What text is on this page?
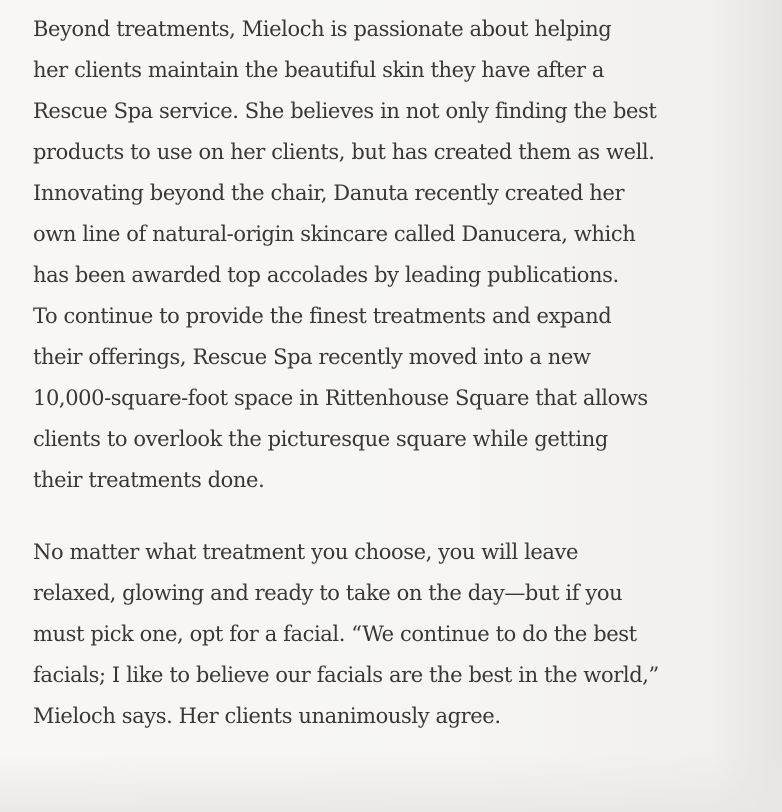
Beyond treatments, Mieloch is passionate about helping
her clients maintain the beautiful skin they have after a
Rescue Spa service. She believes in not only finding the best
products to use on her clients, but has created them as well.
Innovating beyond the chair, Danuta recently created her
own line of natural-origin skincare called Danucera, which
has been awarded top accolades by leading publications.
To continue to provide the finest treatments and expand
their offerings, Rescue Spa recently moved into a new
10,000-square-foot space in Rittenhouse Square that allows
clients to overlook the picturesque square while getting
their treatments done.

No matter what treatment you choose, you will leave
relaxed, glowing and ready to take on the day—but if you
must pick one, opt for a facial. “We continue to do the best
facials; I like to believe our facials are the best in the world,”
Mieloch says. Her clients unanimously agree.
